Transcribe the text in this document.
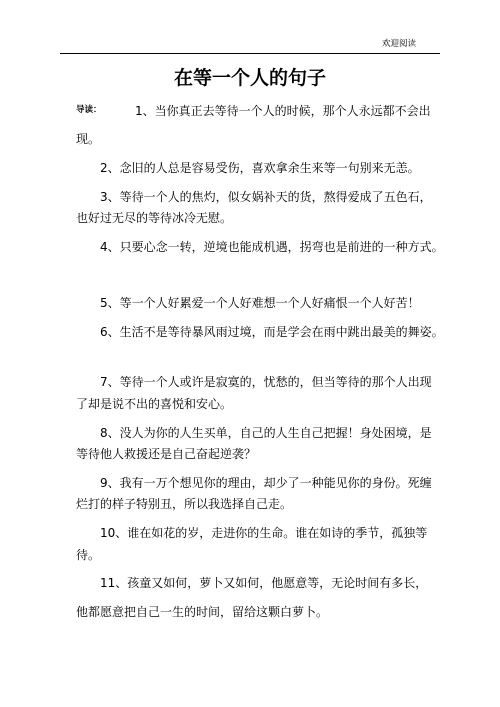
欢迎阅读
在等一个人的句子
导读：	1、当你真正去等待一个人的时候，那个人永远都不会出
现。
2、念旧的人总是容易受伤，喜欢拿余生来等一句别来无恙。
3、等待一个人的焦灼，似女娲补天的货，熬得爱成了五色石，
也好过无尽的等待冰冷无慰。
4、只要心念一转，逆境也能成机遇，拐弯也是前进的一种方式。
5、等一个人好累爱一个人好难想一个人好痛恨一个人好苦！
6、生活不是等待暴风雨过境，而是学会在雨中跳出最美的舞姿。
7、等待一个人或许是寂寞的，忧愁的，但当等待的那个人出现
了却是说不出的喜悦和安心。
8、没人为你的人生买单，自己的人生自己把握！身处困境，是
等待他人救援还是自己奋起逆袭？
9、我有一万个想见你的理由，却少了一种能见你的身份。死缠
烂打的样子特别丑，所以我选择自己走。
10、谁在如花的岁，走进你的生命。谁在如诗的季节，孤独等
待。
11、孩童又如何，萝卜又如何，他愿意等，无论时间有多长，
他都愿意把自己一生的时间，留给这颗白萝卜。
